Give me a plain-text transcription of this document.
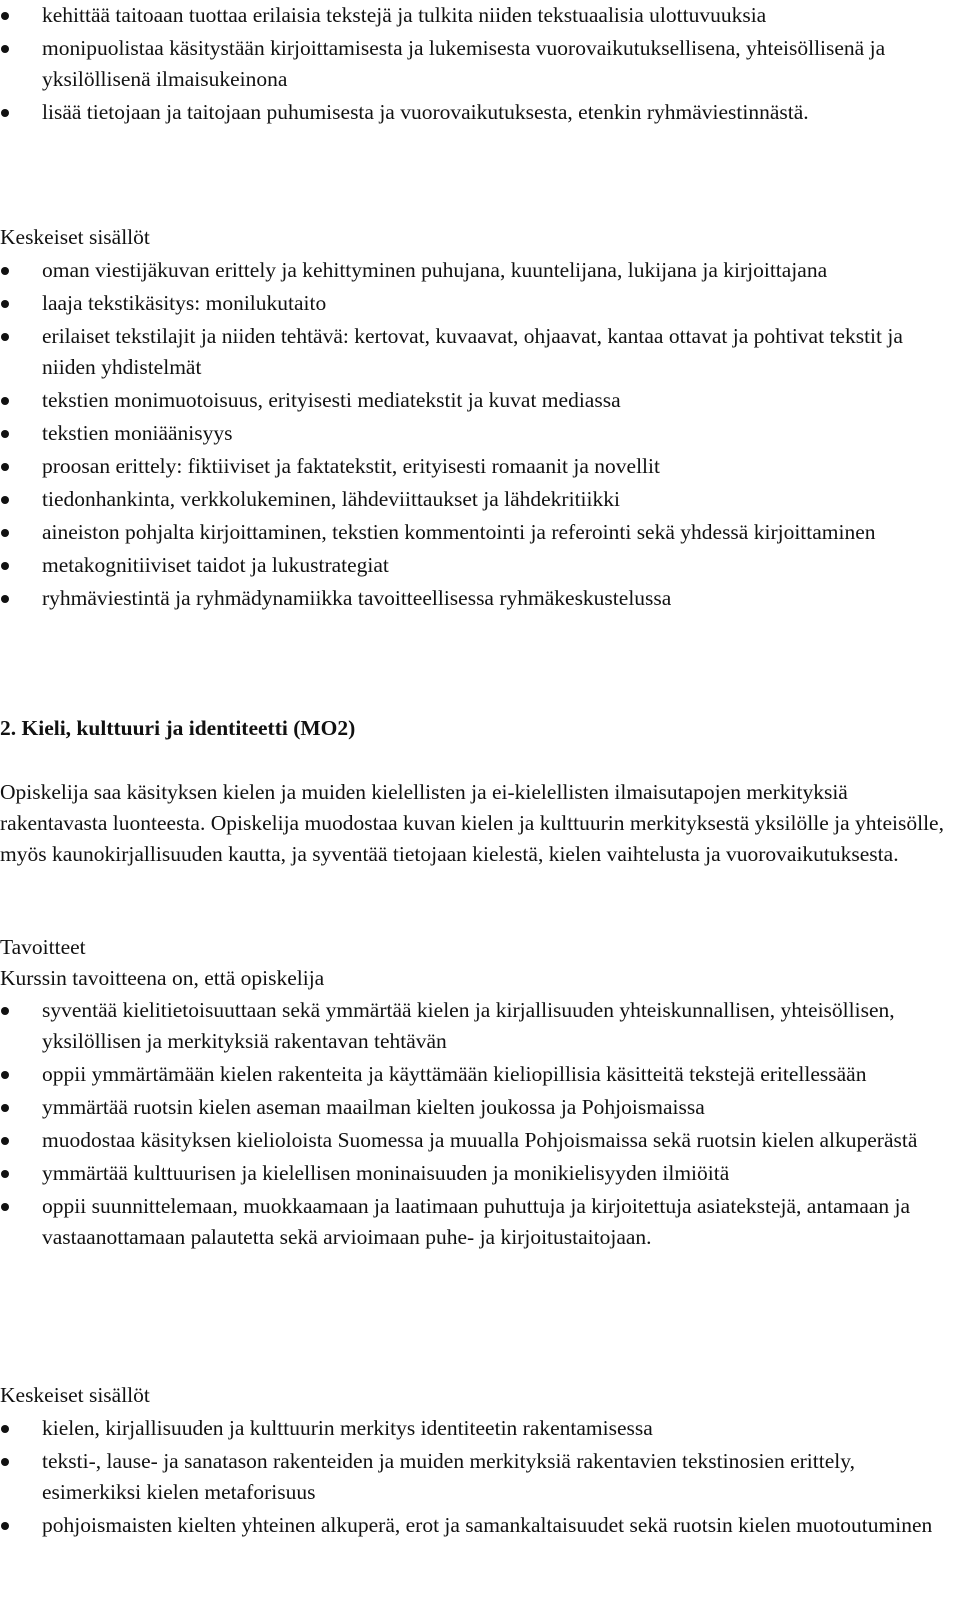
kehittää taitoaan tuottaa erilaisia tekstejä ja tulkita niiden tekstuaalisia ulottuvuuksia
monipuolistaa käsitystään kirjoittamisesta ja lukemisesta vuorovaikutuksellisena, yhteisöllisenä ja yksilöllisenä ilmaisukeinona
lisää tietojaan ja taitojaan puhumisesta ja vuorovaikutuksesta, etenkin ryhmäviestinnästä.

Keskeiset sisällöt

oman viestijäkuvan erittely ja kehittyminen puhujana, kuuntelijana, lukijana ja kirjoittajana
laaja tekstikäsitys: monilukutaito
erilaiset tekstilajit ja niiden tehtävä: kertovat, kuvaavat, ohjaavat, kantaa ottavat ja pohtivat tekstit ja niiden yhdistelmät
tekstien monimuotoisuus, erityisesti mediatekstit ja kuvat mediassa
tekstien moniäänisyys
proosan erittely: fiktiiviset ja faktatekstit, erityisesti romaanit ja novellit
tiedonhankinta, verkkolukeminen, lähdeviittaukset ja lähdekritiikki
aineiston pohjalta kirjoittaminen, tekstien kommentointi ja referointi sekä yhdessä kirjoittaminen
metakognitiiviset taidot ja lukustrategiat
ryhmäviestintä ja ryhmädynamiikka tavoitteellisessa ryhmäkeskustelussa

2. Kieli, kulttuuri ja identiteetti (MO2)

Opiskelija saa käsityksen kielen ja muiden kielellisten ja ei-kielellisten ilmaisutapojen merkityksiä rakentavasta luonteesta. Opiskelija muodostaa kuvan kielen ja kulttuurin merkityksestä yksilölle ja yhteisölle, myös kaunokirjallisuuden kautta, ja syventää tietojaan kielestä, kielen vaihtelusta ja vuorovaikutuksesta.

Tavoitteet

Kurssin tavoitteena on, että opiskelija

syventää kielitietoisuuttaan sekä ymmärtää kielen ja kirjallisuuden yhteiskunnallisen, yhteisöllisen, yksilöllisen ja merkityksiä rakentavan tehtävän
oppii ymmärtämään kielen rakenteita ja käyttämään kieliopillisia käsitteitä tekstejä eritellessään
ymmärtää ruotsin kielen aseman maailman kielten joukossa ja Pohjoismaissa
muodostaa käsityksen kielioloista Suomessa ja muualla Pohjoismaissa sekä ruotsin kielen alkuperästä
ymmärtää kulttuurisen ja kielellisen moninaisuuden ja monikielisyyden ilmiöitä
oppii suunnittelemaan, muokkaamaan ja laatimaan puhuttuja ja kirjoitettuja asiatekstejä, antamaan ja vastaanottamaan palautetta sekä arvioimaan puhe- ja kirjoitustaitojaan.

Keskeiset sisällöt

kielen, kirjallisuuden ja kulttuurin merkitys identiteetin rakentamisessa
teksti-, lause- ja sanatason rakenteiden ja muiden merkityksiä rakentavien tekstinosien erittely, esimerkiksi kielen metaforisuus
pohjoismaisten kielten yhteinen alkuperä, erot ja samankaltaisuudet sekä ruotsin kielen muotoutuminen
